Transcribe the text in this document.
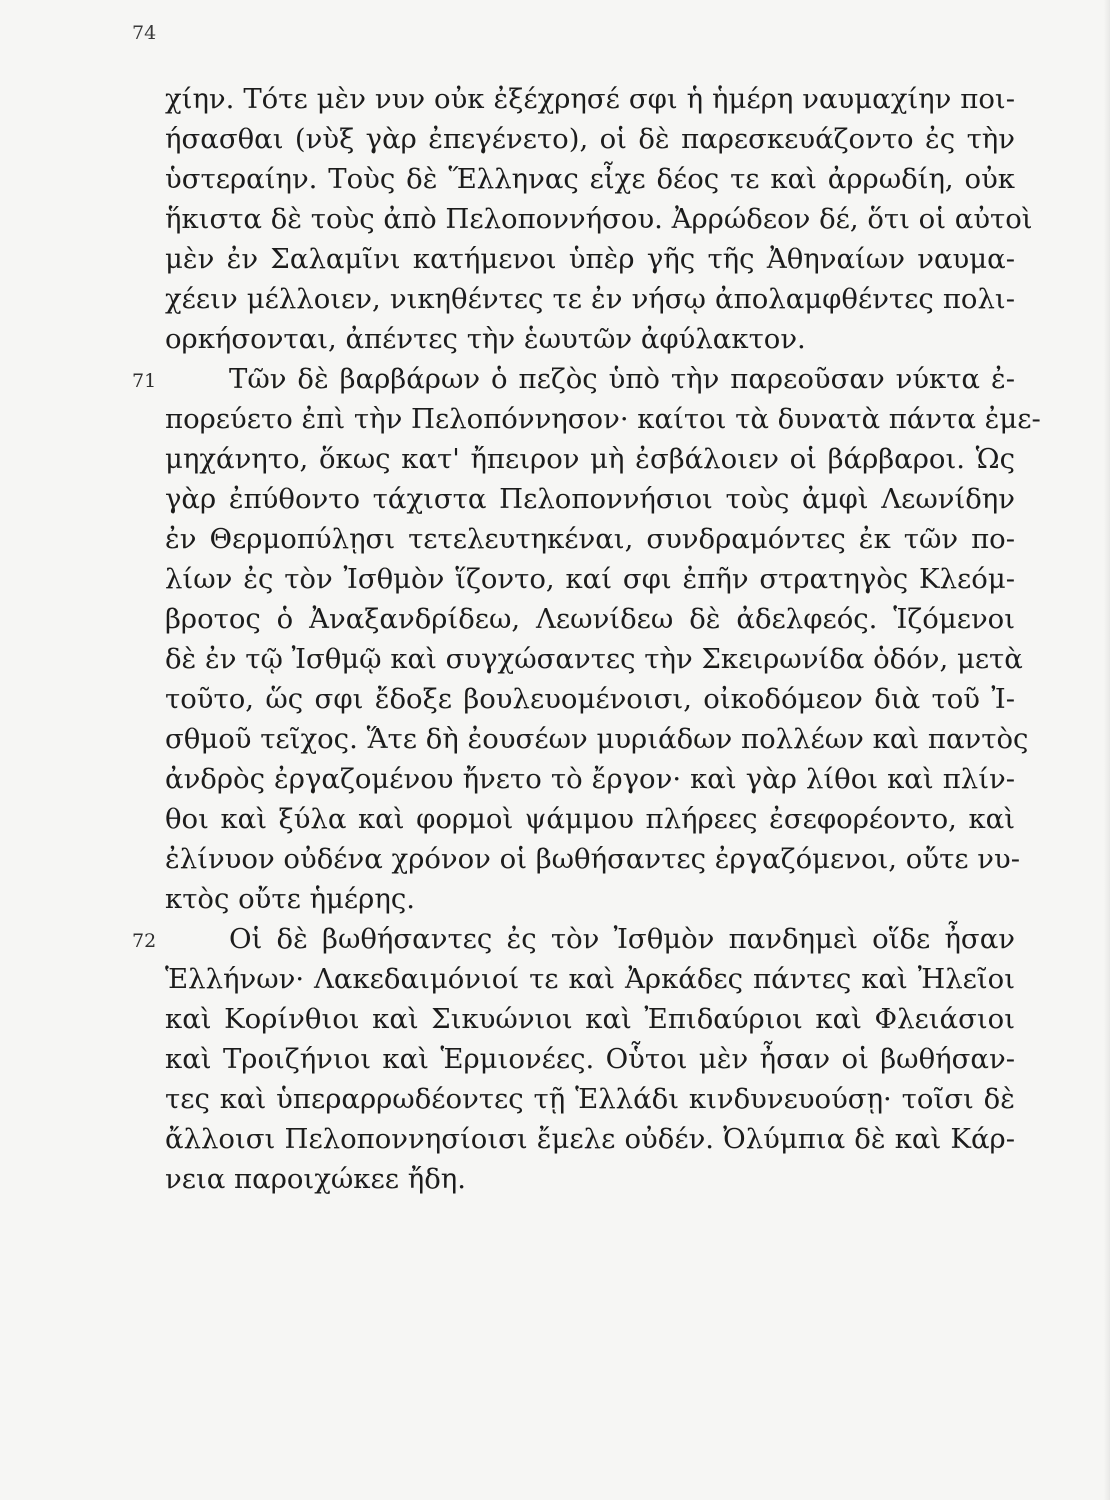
74
χίην. Τότε μὲν νυν οὐκ ἐξέχρησέ σφι ἡ ἡμέρη ναυμαχίην ποι-
ήσασθαι (νὺξ γὰρ ἐπεγένετο), οἱ δὲ παρεσκευάζοντο ἐς τὴν
ὑστεραίην. Τοὺς δὲ Ἕλληνας εἶχε δέος τε καὶ ἀρρωδίη, οὐκ
ἥκιστα δὲ τοὺς ἀπὸ Πελοποννήσου. Ἀρρώδεον δέ, ὅτι οἱ αὐτοὶ
μὲν ἐν Σαλαμῖνι κατήμενοι ὑπὲρ γῆς τῆς Ἀθηναίων ναυμα-
χέειν μέλλοιεν, νικηθέντες τε ἐν νήσῳ ἀπολαμφθέντες πολι-
ορκήσονται, ἀπέντες τὴν ἑωυτῶν ἀφύλακτον.
71	Τῶν δὲ βαρβάρων ὁ πεζὸς ὑπὸ τὴν παρεοῦσαν νύκτα ἐ-
πορεύετο ἐπὶ τὴν Πελοπόννησον· καίτοι τὰ δυνατὰ πάντα ἐμε-
μηχάνητο, ὅκως κατ' ἤπειρον μὴ ἐσβάλοιεν οἱ βάρβαροι. Ὡς
γὰρ ἐπύθοντο τάχιστα Πελοποννήσιοι τοὺς ἀμφὶ Λεωνίδην
ἐν Θερμοπύλῃσι τετελευτηκέναι, συνδραμόντες ἐκ τῶν πο-
λίων ἐς τὸν Ἰσθμὸν ἵζοντο, καί σφι ἐπῆν στρατηγὸς Κλεόμ-
βροτος ὁ Ἀναξανδρίδεω, Λεωνίδεω δὲ ἀδελφεός. Ἱζόμενοι
δὲ ἐν τῷ Ἰσθμῷ καὶ συγχώσαντες τὴν Σκειρωνίδα ὁδόν, μετὰ
τοῦτο, ὥς σφι ἔδοξε βουλευομένοισι, οἰκοδόμεον διὰ τοῦ Ἰ-
σθμοῦ τεῖχος. Ἅτε δὴ ἐουσέων μυριάδων πολλέων καὶ παντὸς
ἀνδρὸς ἐργαζομένου ἤνετο τὸ ἔργον· καὶ γὰρ λίθοι καὶ πλίν-
θοι καὶ ξύλα καὶ φορμοὶ ψάμμου πλήρεες ἐσεφορέοντο, καὶ
ἐλίνυον οὐδένα χρόνον οἱ βωθήσαντες ἐργαζόμενοι, οὔτε νυ-
κτὸς οὔτε ἡμέρης.
72	Οἱ δὲ βωθήσαντες ἐς τὸν Ἰσθμὸν πανδημεὶ οἵδε ἦσαν
Ἑλλήνων· Λακεδαιμόνιοί τε καὶ Ἀρκάδες πάντες καὶ Ἠλεῖοι
καὶ Κορίνθιοι καὶ Σικυώνιοι καὶ Ἐπιδαύριοι καὶ Φλειάσιοι
καὶ Τροιζήνιοι καὶ Ἑρμιονέες. Οὗτοι μὲν ἦσαν οἱ βωθήσαν-
τες καὶ ὑπεραρρωδέοντες τῇ Ἑλλάδι κινδυνευούσῃ· τοῖσι δὲ
ἄλλοισι Πελοποννησίοισι ἔμελε οὐδέν. Ὀλύμπια δὲ καὶ Κάρ-
νεια παροιχώκεε ἤδη.
